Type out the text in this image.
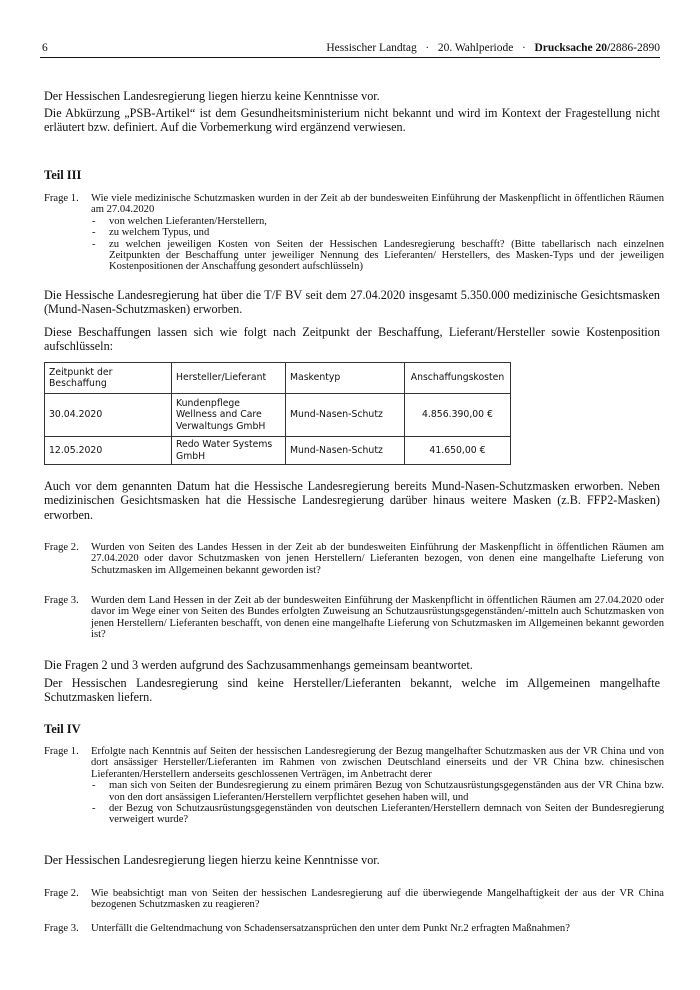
6	Hessischer Landtag · 20. Wahlperiode · Drucksache 20/2886-2890

Der Hessischen Landesregierung liegen hierzu keine Kenntnisse vor.

Die Abkürzung „PSB-Artikel“ ist dem Gesundheitsministerium nicht bekannt und wird im Kontext der Fragestellung nicht erläutert bzw. definiert. Auf die Vorbemerkung wird ergänzend verwiesen.

Teil III
Frage 1. Wie viele medizinische Schutzmasken wurden in der Zeit ab der bundesweiten Einführung der Maskenpflicht in öffentlichen Räumen am 27.04.2020
- von welchen Lieferanten/Herstellern,
- zu welchem Typus, und
- zu welchen jeweiligen Kosten von Seiten der Hessischen Landesregierung beschafft? (Bitte tabellarisch nach einzelnen Zeitpunkten der Beschaffung unter jeweiliger Nennung des Lieferanten/ Herstellers, des Masken-Typs und der jeweiligen Kostenpositionen der Anschaffung gesondert aufschlüsseln)

Die Hessische Landesregierung hat über die T/F BV seit dem 27.04.2020 insgesamt 5.350.000 medizinische Gesichtsmasken (Mund-Nasen-Schutzmasken) erworben.

Diese Beschaffungen lassen sich wie folgt nach Zeitpunkt der Beschaffung, Lieferant/Hersteller sowie Kostenposition aufschlüsseln:

Zeitpunkt der Beschaffung	Hersteller/Lieferant	Maskentyp	Anschaffungskosten
30.04.2020	Kundenpflege Wellness and Care Verwaltungs GmbH	Mund-Nasen-Schutz	4.856.390,00 €
12.05.2020	Redo Water Systems GmbH	Mund-Nasen-Schutz	41.650,00 €

Auch vor dem genannten Datum hat die Hessische Landesregierung bereits Mund-Nasen-Schutzmasken erworben. Neben medizinischen Gesichtsmasken hat die Hessische Landesregierung darüber hinaus weitere Masken (z.B. FFP2-Masken) erworben.

Frage 2. Wurden von Seiten des Landes Hessen in der Zeit ab der bundesweiten Einführung der Maskenpflicht in öffentlichen Räumen am 27.04.2020 oder davor Schutzmasken von jenen Herstellern/ Lieferanten bezogen, von denen eine mangelhafte Lieferung von Schutzmasken im Allgemeinen bekannt geworden ist?
Frage 3. Wurden dem Land Hessen in der Zeit ab der bundesweiten Einführung der Maskenpflicht in öffentlichen Räumen am 27.04.2020 oder davor im Wege einer von Seiten des Bundes erfolgten Zuweisung an Schutzausrüstungsgegenständen/-mitteln auch Schutzmasken von jenen Herstellern/ Lieferanten beschafft, von denen eine mangelhafte Lieferung von Schutzmasken im Allgemeinen bekannt geworden ist?

Die Fragen 2 und 3 werden aufgrund des Sachzusammenhangs gemeinsam beantwortet.

Der Hessischen Landesregierung sind keine Hersteller/Lieferanten bekannt, welche im Allgemeinen mangelhafte Schutzmasken liefern.

Teil IV
Frage 1. Erfolgte nach Kenntnis auf Seiten der hessischen Landesregierung der Bezug mangelhafter Schutzmasken aus der VR China und von dort ansässiger Hersteller/Lieferanten im Rahmen von zwischen Deutschland einerseits und der VR China bzw. chinesischen Lieferanten/Herstellern anderseits geschlossenen Verträgen, im Anbetracht derer
- man sich von Seiten der Bundesregierung zu einem primären Bezug von Schutzausrüstungsgegenständen aus der VR China bzw. von den dort ansässigen Lieferanten/Herstellern verpflichtet gesehen haben will, und
- der Bezug von Schutzausrüstungsgegenständen von deutschen Lieferanten/Herstellern demnach von Seiten der Bundesregierung verweigert wurde?

Der Hessischen Landesregierung liegen hierzu keine Kenntnisse vor.

Frage 2. Wie beabsichtigt man von Seiten der hessischen Landesregierung auf die überwiegende Mangelhaftigkeit der aus der VR China bezogenen Schutzmasken zu reagieren?
Frage 3. Unterfällt die Geltendmachung von Schadensersatzansprüchen den unter dem Punkt Nr.2 erfragten Maßnahmen?
